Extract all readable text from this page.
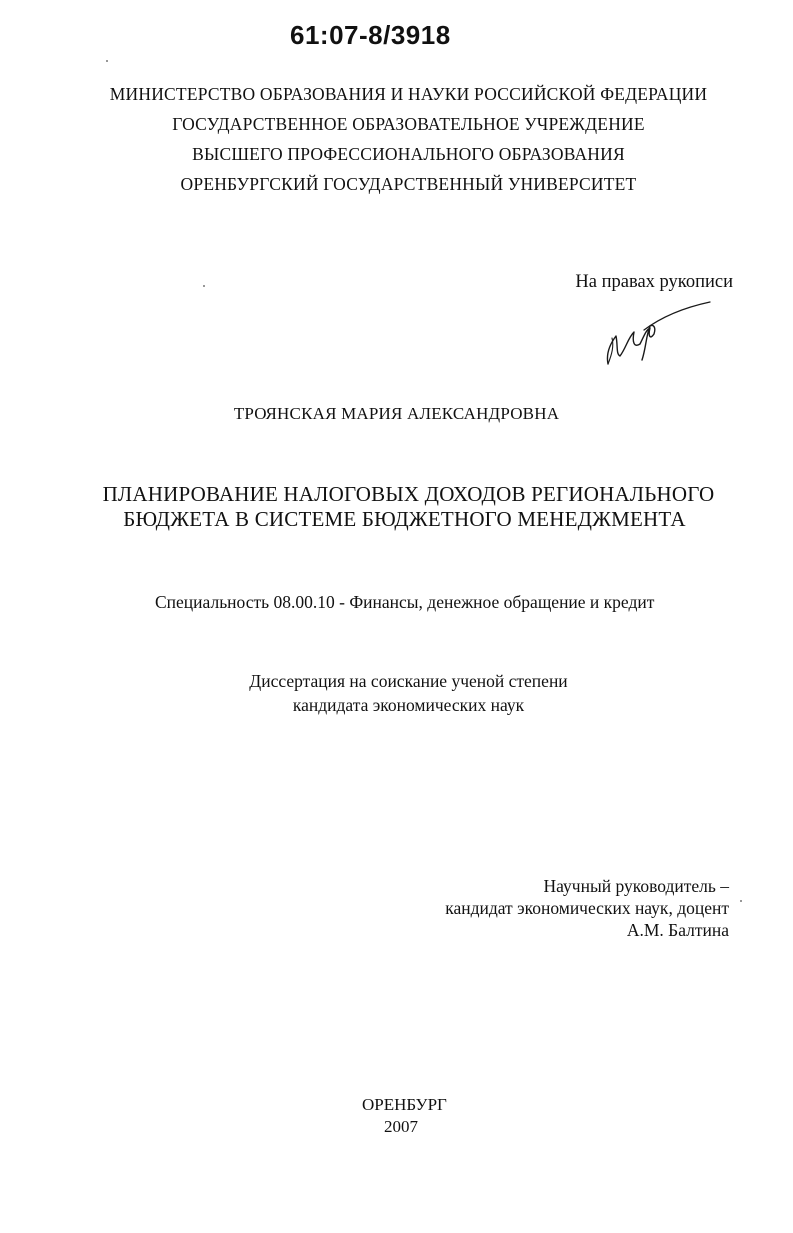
61:07-8/3918
МИНИСТЕРСТВО ОБРАЗОВАНИЯ И НАУКИ РОССИЙСКОЙ ФЕДЕРАЦИИ
ГОСУДАРСТВЕННОЕ ОБРАЗОВАТЕЛЬНОЕ УЧРЕЖДЕНИЕ
ВЫСШЕГО ПРОФЕССИОНАЛЬНОГО ОБРАЗОВАНИЯ
ОРЕНБУРГСКИЙ ГОСУДАРСТВЕННЫЙ УНИВЕРСИТЕТ
На правах рукописи
ТРОЯНСКАЯ МАРИЯ АЛЕКСАНДРОВНА
ПЛАНИРОВАНИЕ НАЛОГОВЫХ ДОХОДОВ РЕГИОНАЛЬНОГО
БЮДЖЕТА В СИСТЕМЕ БЮДЖЕТНОГО МЕНЕДЖМЕНТА
Специальность 08.00.10 - Финансы, денежное обращение и кредит
Диссертация на соискание ученой степени
кандидата экономических наук
Научный руководитель –
кандидат экономических наук, доцент
А.М. Балтина
ОРЕНБУРГ
2007
